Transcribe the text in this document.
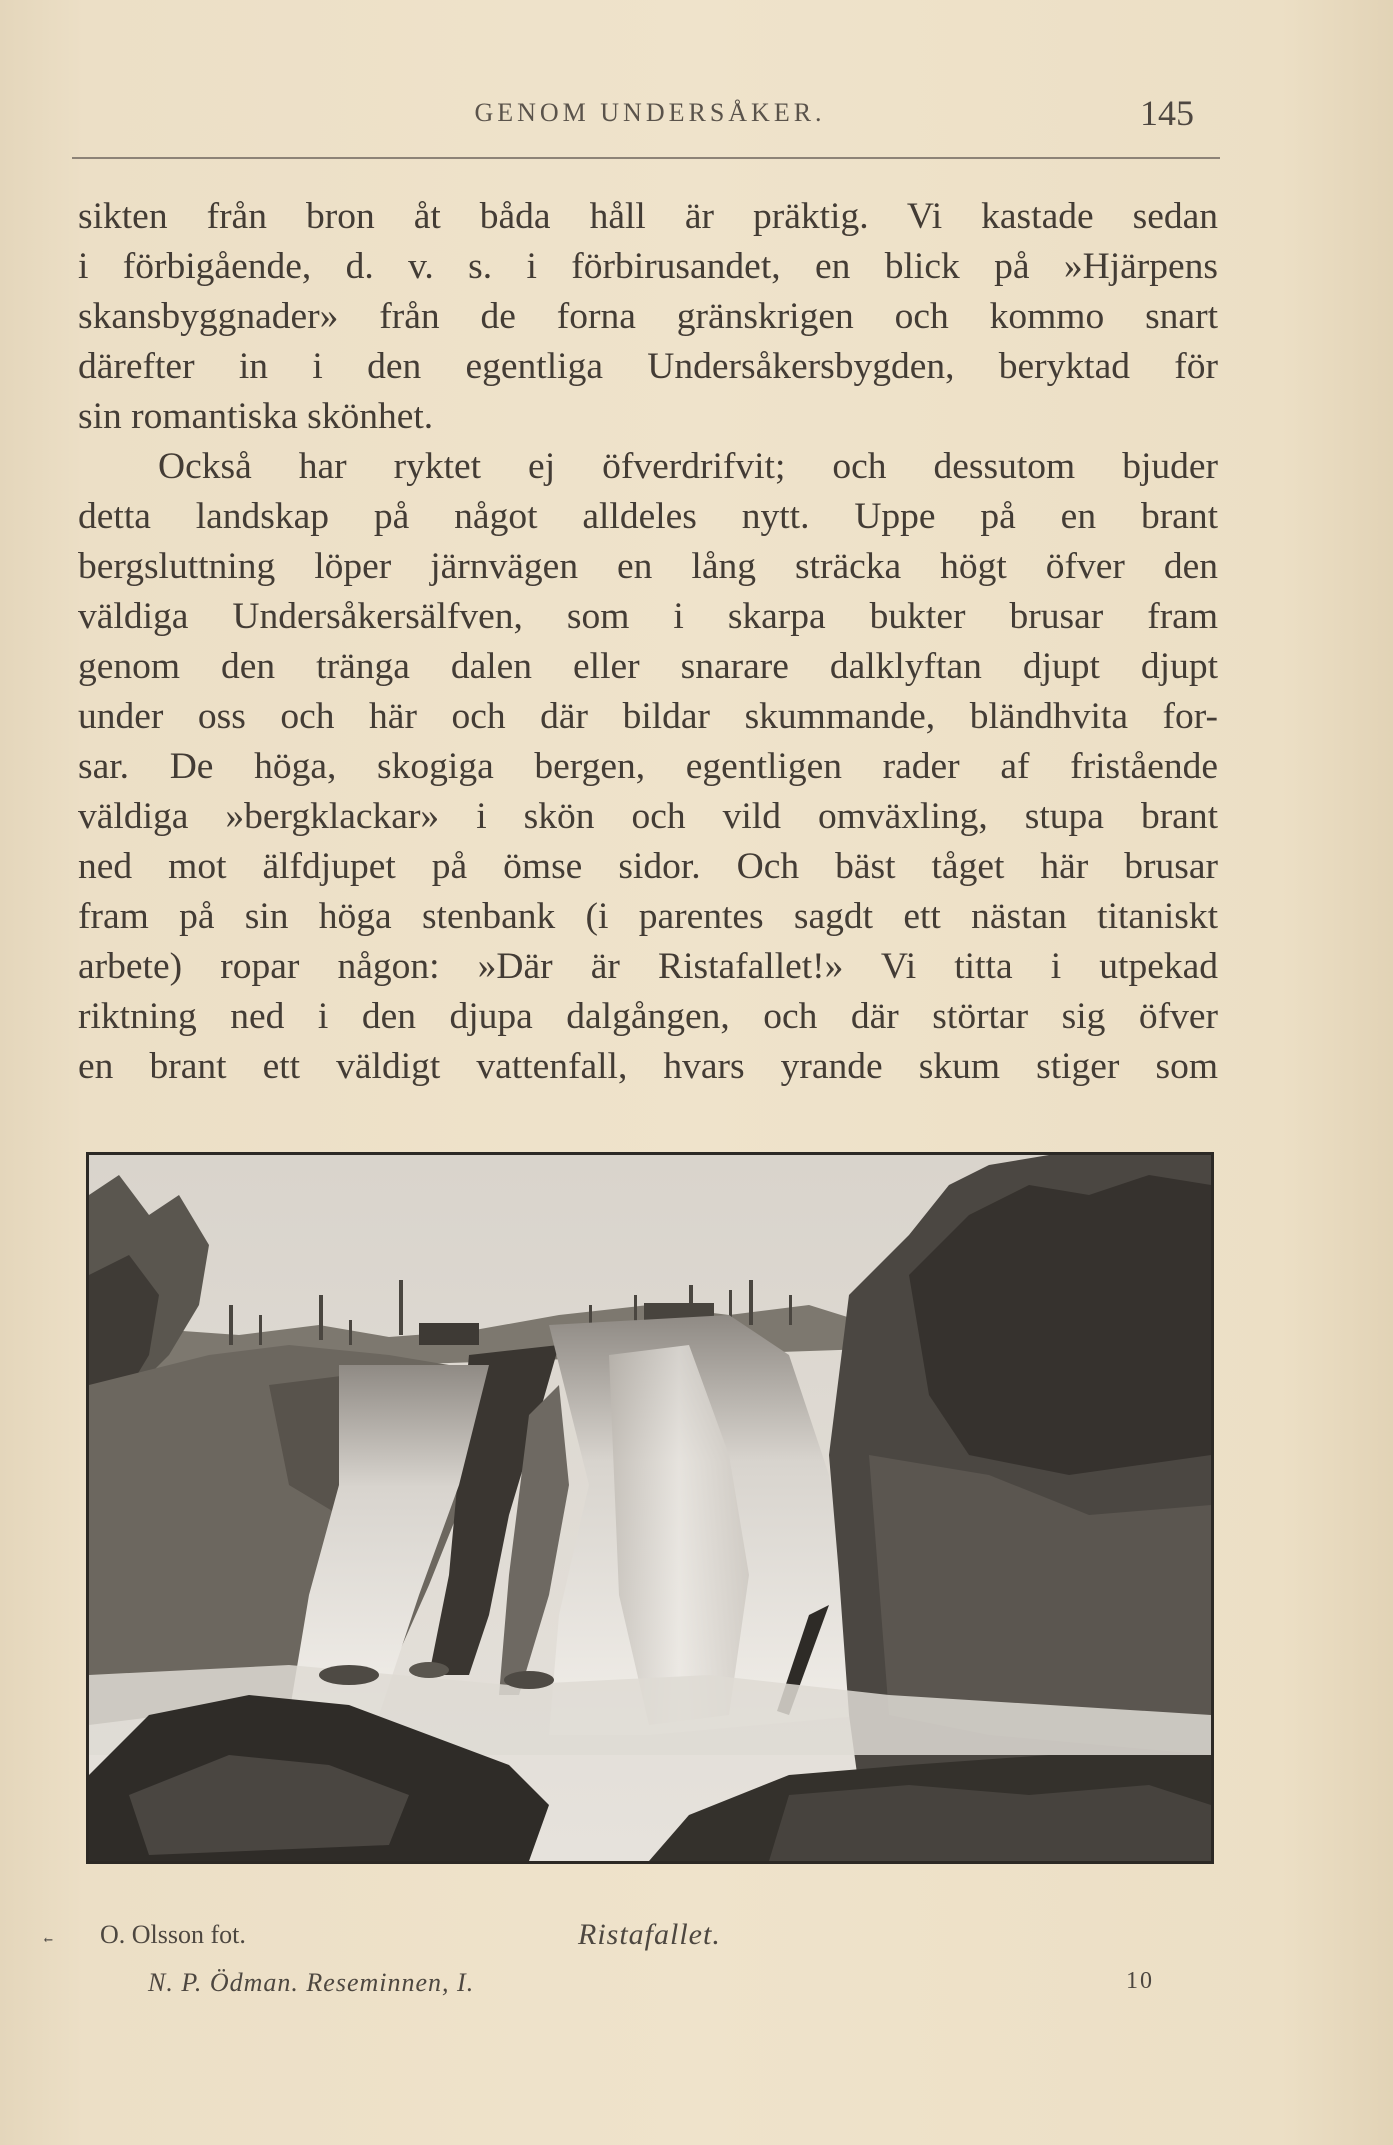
GENOM UNDERSÅKER.	145
sikten från bron åt båda håll är präktig. Vi kastade sedan
i förbigående, d. v. s. i förbirusandet, en blick på »Hjärpens
skansbyggnader» från de forna gränskrigen och kommo snart
därefter in i den egentliga Undersåkersbygden, beryktad för
sin romantiska skönhet.
Också har ryktet ej öfverdrifvit; och dessutom bjuder
detta landskap på något alldeles nytt. Uppe på en brant
bergsluttning löper järnvägen en lång sträcka högt öfver den
väldiga Undersåkersälfven, som i skarpa bukter brusar fram
genom den tränga dalen eller snarare dalklyftan djupt djupt
under oss och här och där bildar skummande, bländhvita for-
sar. De höga, skogiga bergen, egentligen rader af fristående
väldiga »bergklackar» i skön och vild omväxling, stupa brant
ned mot älfdjupet på ömse sidor. Och bäst tåget här brusar
fram på sin höga stenbank (i parentes sagdt ett nästan titaniskt
arbete) ropar någon: »Där är Ristafallet!» Vi titta i utpekad
riktning ned i den djupa dalgången, och där störtar sig öfver
en brant ett väldigt vattenfall, hvars yrande skum stiger som
˿ O. Olsson fot.	Ristafallet.
N. P. Ödman. Reseminnen, I.	10
